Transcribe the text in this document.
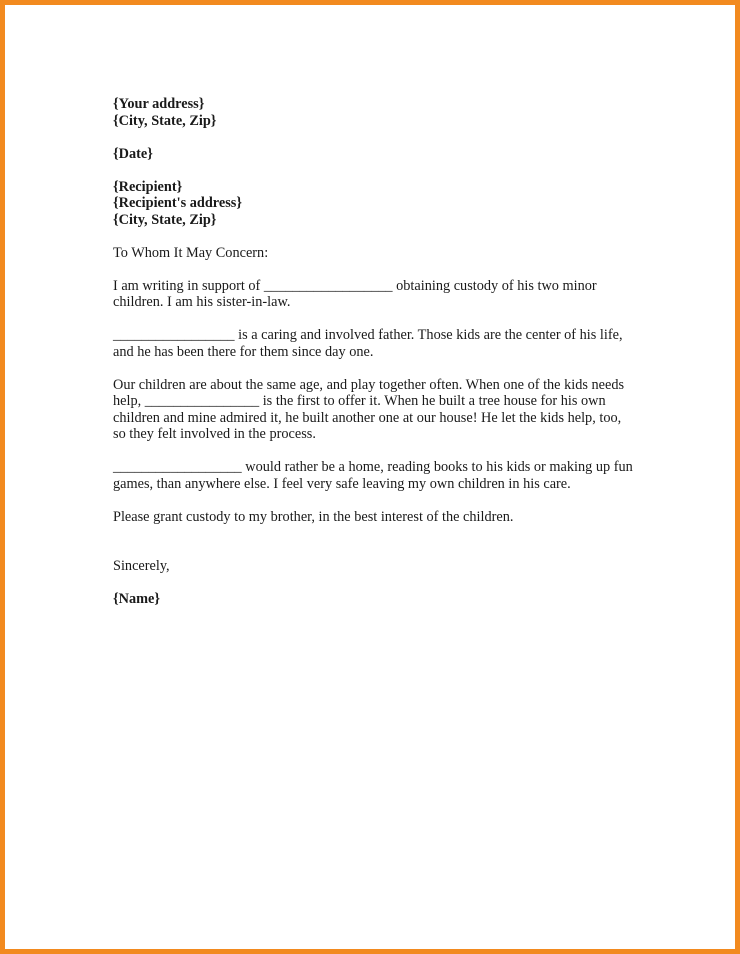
{Your address}
{City, State, Zip}
{Date}
{Recipient}
{Recipient's address}
{City, State, Zip}
To Whom It May Concern:
I am writing in support of __________________ obtaining custody of his two minor
children. I am his sister-in-law.
_________________ is a caring and involved father. Those kids are the center of his life,
and he has been there for them since day one.
Our children are about the same age, and play together often. When one of the kids needs
help, ________________ is the first to offer it. When he built a tree house for his own
children and mine admired it, he built another one at our house! He let the kids help, too,
so they felt involved in the process.
__________________ would rather be a home, reading books to his kids or making up fun
games, than anywhere else. I feel very safe leaving my own children in his care.
Please grant custody to my brother, in the best interest of the children.
Sincerely,
{Name}
